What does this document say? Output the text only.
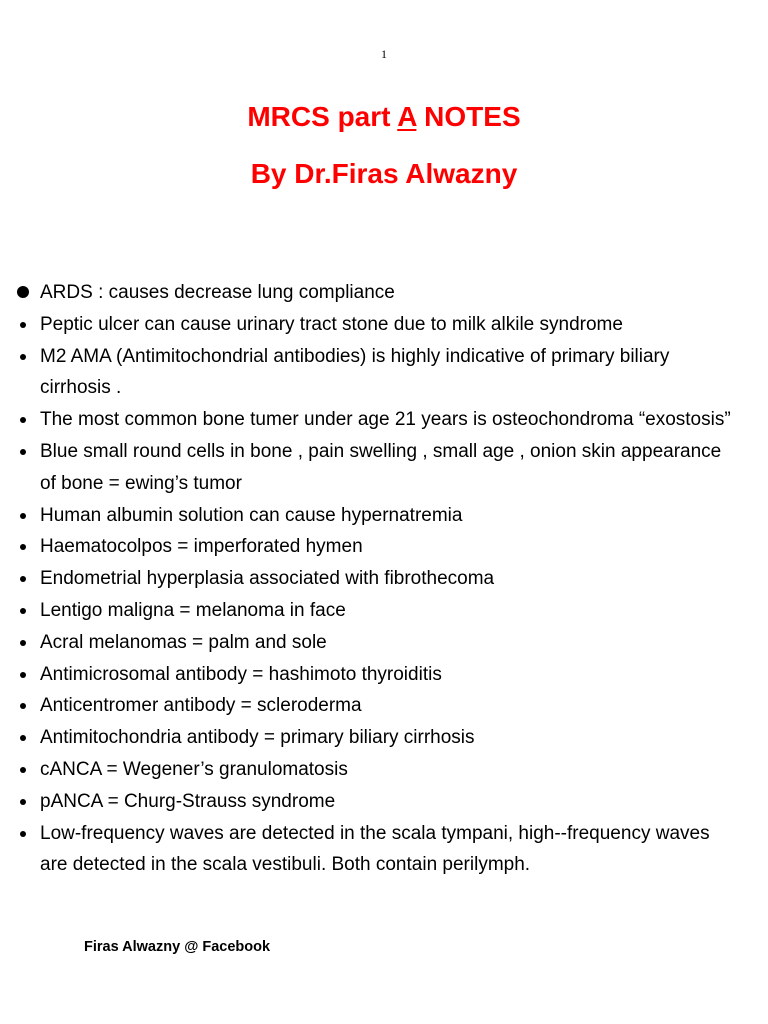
1
MRCS part A NOTES
By Dr.Firas Alwazny
ARDS : causes decrease lung compliance
Peptic ulcer can cause urinary tract stone due to milk alkile syndrome
M2 AMA (Antimitochondrial antibodies) is highly indicative of primary biliary cirrhosis .
The most common bone tumer under age 21 years is osteochondroma “exostosis”
Blue small round cells in bone , pain swelling , small age , onion skin appearance of bone = ewing’s tumor
Human albumin solution can cause hypernatremia
Haematocolpos = imperforated hymen
Endometrial hyperplasia associated with fibrothecoma
Lentigo maligna = melanoma in face
Acral melanomas = palm and sole
Antimicrosomal antibody = hashimoto thyroiditis
Anticentromer antibody = scleroderma
Antimitochondria antibody = primary biliary cirrhosis
cANCA = Wegener’s granulomatosis
pANCA = Churg-Strauss syndrome
Low-frequency waves are detected in the scala tympani, high--frequency waves are detected in the scala vestibuli. Both contain perilymph.
Firas Alwazny @ Facebook
